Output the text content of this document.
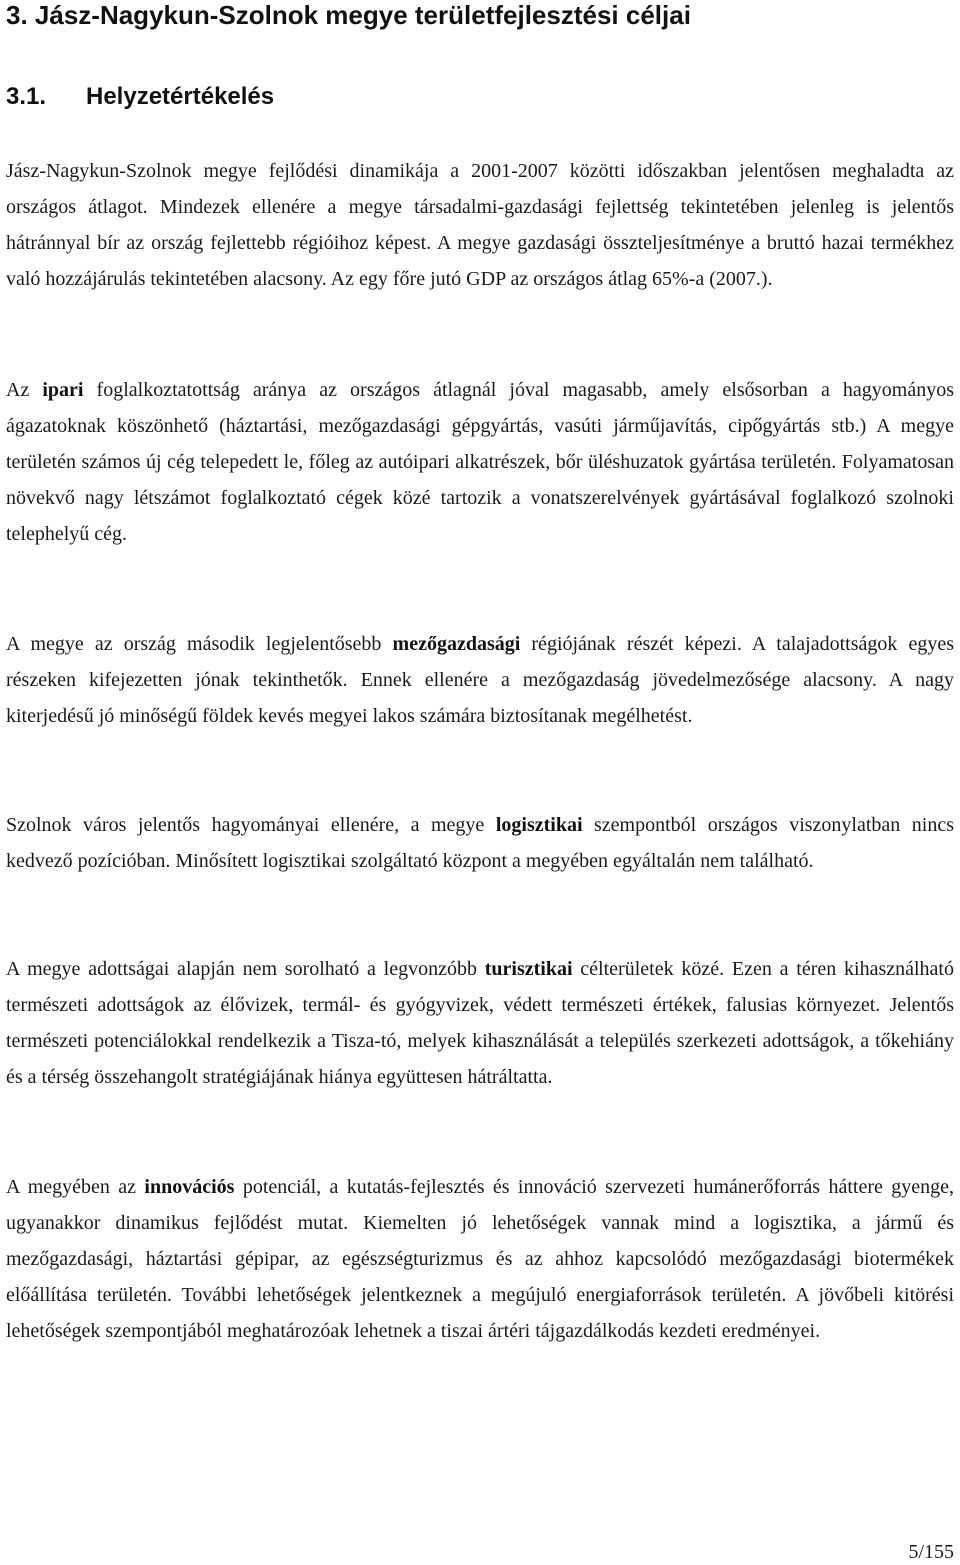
3. Jász-Nagykun-Szolnok megye területfejlesztési céljai
3.1. Helyzetértékelés

Jász-Nagykun-Szolnok megye fejlődési dinamikája a 2001-2007 közötti időszakban jelentősen meghaladta az országos átlagot. Mindezek ellenére a megye társadalmi-gazdasági fejlettség tekintetében jelenleg is jelentős hátránnyal bír az ország fejlettebb régióihoz képest. A megye gazdasági összteljesítménye a bruttó hazai termékhez való hozzájárulás tekintetében alacsony. Az egy főre jutó GDP az országos átlag 65%-a (2007.).

Az ipari foglalkoztatottság aránya az országos átlagnál jóval magasabb, amely elsősorban a hagyományos ágazatoknak köszönhető (háztartási, mezőgazdasági gépgyártás, vasúti járműjavítás, cipőgyártás stb.) A megye területén számos új cég telepedett le, főleg az autóipari alkatrészek, bőr üléshuzatok gyártása területén. Folyamatosan növekvő nagy létszámot foglalkoztató cégek közé tartozik a vonatszerelvények gyártásával foglalkozó szolnoki telephelyű cég.

A megye az ország második legjelentősebb mezőgazdasági régiójának részét képezi. A talajadottságok egyes részeken kifejezetten jónak tekinthetők. Ennek ellenére a mezőgazdaság jövedelmezősége alacsony. A nagy kiterjedésű jó minőségű földek kevés megyei lakos számára biztosítanak megélhetést.

Szolnok város jelentős hagyományai ellenére, a megye logisztikai szempontból országos viszonylatban nincs kedvező pozícióban. Minősített logisztikai szolgáltató központ a megyében egyáltalán nem található.

A megye adottságai alapján nem sorolható a legvonzóbb turisztikai célterületek közé. Ezen a téren kihasználható természeti adottságok az élővizek, termál- és gyógyvizek, védett természeti értékek, falusias környezet. Jelentős természeti potenciálokkal rendelkezik a Tisza-tó, melyek kihasználását a település szerkezeti adottságok, a tőkehiány és a térség összehangolt stratégiájának hiánya együttesen hátráltatta.

A megyében az innovációs potenciál, a kutatás-fejlesztés és innováció szervezeti humánerőforrás háttere gyenge, ugyanakkor dinamikus fejlődést mutat. Kiemelten jó lehetőségek vannak mind a logisztika, a jármű és mezőgazdasági, háztartási gépipar, az egészségturizmus és az ahhoz kapcsolódó mezőgazdasági biotermékek előállítása területén. További lehetőségek jelentkeznek a megújuló energiaforrások területén. A jövőbeli kitörési lehetőségek szempontjából meghatározóak lehetnek a tiszai ártéri tájgazdálkodás kezdeti eredményei.

5/155
